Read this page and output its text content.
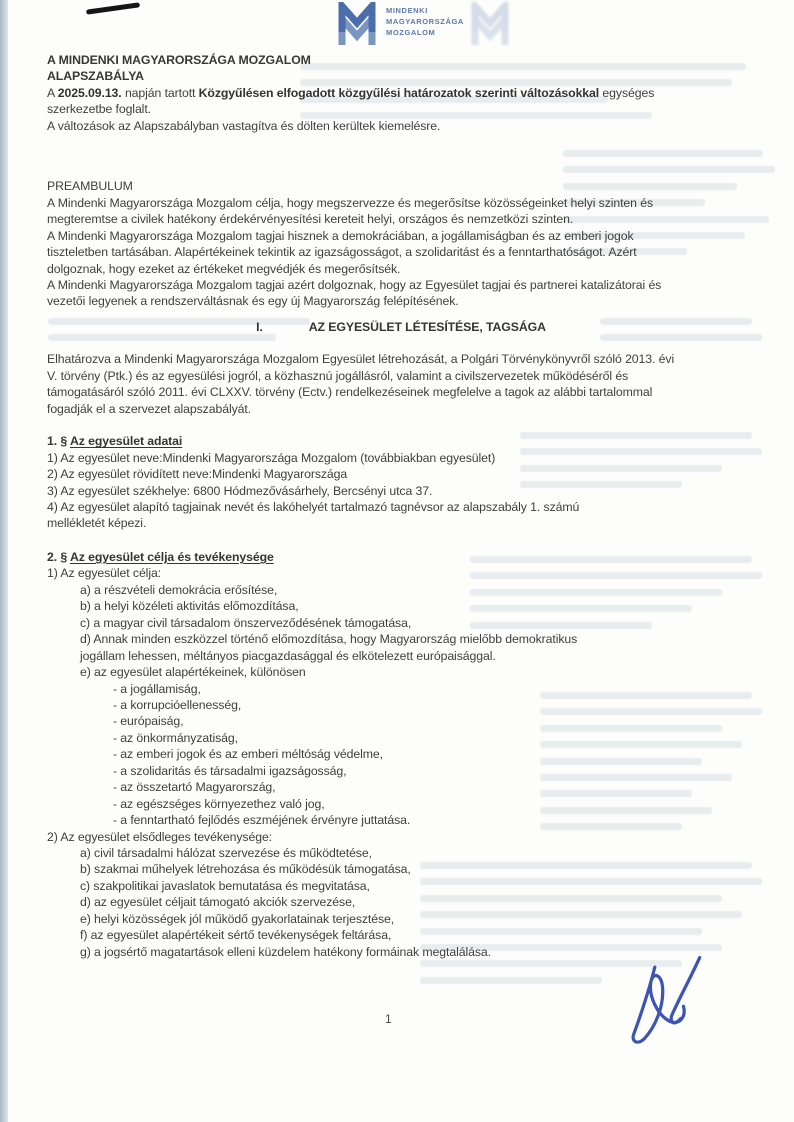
MINDENKI
MAGYARORSZÁGA
MOZGALOM
A MINDENKI MAGYARORSZÁGA MOZGALOM
ALAPSZABÁLYA
A 2025.09.13. napján tartott Közgyűlésen elfogadott közgyűlési határozatok szerinti változásokkal egységes
szerkezetbe foglalt.
A változások az Alapszabályban vastagítva és dölten kerültek kiemelésre.
PREAMBULUM
A Mindenki Magyarországa Mozgalom célja, hogy megszervezze és megerősítse közösségeinket helyi szinten és
megteremtse a civilek hatékony érdekérvényesítési kereteit helyi, országos és nemzetközi szinten.
A Mindenki Magyarországa Mozgalom tagjai hisznek a demokráciában, a jogállamiságban és az emberi jogok
tiszteletben tartásában. Alapértékeinek tekintik az igazságosságot, a szolidaritást és a fenntarthatóságot. Azért
dolgoznak, hogy ezeket az értékeket megvédjék és megerősítsék.
A Mindenki Magyarországa Mozgalom tagjai azért dolgoznak, hogy az Egyesület tagjai és partnerei katalizátorai és
vezetői legyenek a rendszerváltásnak és egy új Magyarország felépítésének.
I.	AZ EGYESÜLET LÉTESÍTÉSE, TAGSÁGA
Elhatározva a Mindenki Magyarországa Mozgalom Egyesület létrehozását, a Polgári Törvénykönyvről szóló 2013. évi
V. törvény (Ptk.) és az egyesülési jogról, a közhasznú jogállásról, valamint a civilszervezetek működéséről és
támogatásáról szóló 2011. évi CLXXV. törvény (Ectv.) rendelkezéseinek megfelelve a tagok az alábbi tartalommal
fogadják el a szervezet alapszabályát.
1. § Az egyesület adatai
1) Az egyesület neve:Mindenki Magyarországa Mozgalom (továbbiakban egyesület)
2) Az egyesület rövidített neve:Mindenki Magyarországa
3) Az egyesület székhelye: 6800 Hódmezővásárhely, Bercsényi utca 37.
4) Az egyesület alapító tagjainak nevét és lakóhelyét tartalmazó tagnévsor az alapszabály 1. számú
mellékletét képezi.
2. § Az egyesület célja és tevékenysége
1) Az egyesület célja:
a) a részvételi demokrácia erősítése,
b) a helyi közéleti aktivitás előmozdítása,
c) a magyar civil társadalom önszerveződésének támogatása,
d) Annak minden eszközzel történő előmozdítása, hogy Magyarország mielőbb demokratikus
jogállam lehessen, méltányos piacgazdasággal és elkötelezett európaisággal.
e) az egyesület alapértékeinek, különösen
- a jogállamiság,
- a korrupcióellenesség,
- európaiság,
- az önkormányzatiság,
- az emberi jogok és az emberi méltóság védelme,
- a szolidaritás és társadalmi igazságosság,
- az összetartó Magyarország,
- az egészséges környezethez való jog,
- a fenntartható fejlődés eszméjének érvényre juttatása.
2) Az egyesület elsődleges tevékenysége:
a) civil társadalmi hálózat szervezése és működtetése,
b) szakmai műhelyek létrehozása és működésük támogatása,
c) szakpolitikai javaslatok bemutatása és megvitatása,
d) az egyesület céljait támogató akciók szervezése,
e) helyi közösségek jól működő gyakorlatainak terjesztése,
f) az egyesület alapértékeit sértő tevékenységek feltárása,
g) a jogsértő magatartások elleni küzdelem hatékony formáinak megtalálása.
1
